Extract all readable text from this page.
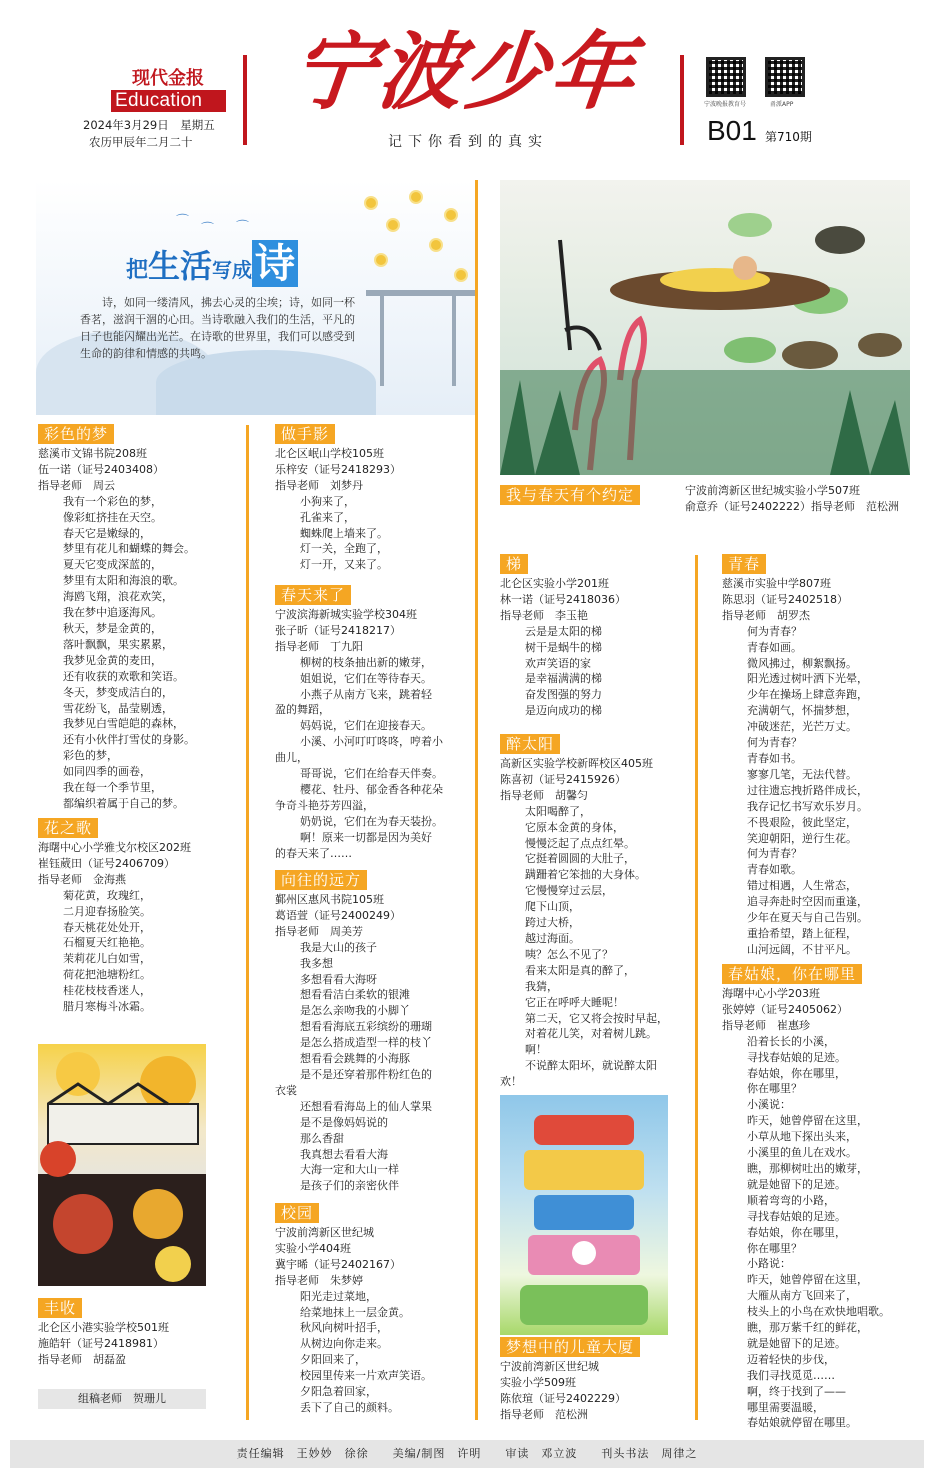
现代金报
Education
2024年3月29日　星期五
农历甲辰年二月二十
宁波少年
记下你看到的真实
宁波晚报教育号	甬派APP
B01 第710期
⌒
⌒ ⌒
把生活写成诗
诗，如同一缕清风，拂去心灵的尘埃；诗，如同一杯香茗，滋润干涸的心田。当诗歌融入我们的生活，平凡的日子也能闪耀出光芒。在诗歌的世界里，我们可以感受到生命的韵律和情感的共鸣。
彩色的梦
慈溪市文锦书院208班
伍一诺（证号2403408）
指导老师　周云
我有一个彩色的梦，
像彩虹挤挂在天空。
春天它是嫩绿的，
梦里有花儿和蝴蝶的舞会。
夏天它变成深蓝的，
梦里有太阳和海浪的歌。
海鸥飞翔，浪花欢笑，
我在梦中追逐海风。
秋天，梦是金黄的，
落叶飘飘，果实累累，
我梦见金黄的麦田，
还有收获的欢歌和笑语。
冬天，梦变成洁白的，
雪花纷飞，晶莹剔透，
我梦见白雪皑皑的森林，
还有小伙伴打雪仗的身影。
彩色的梦，
如同四季的画卷，
我在每一个季节里，
都编织着属于自己的梦。
花之歌
海曙中心小学雅戈尔校区202班
崔钰葳田（证号2406709）
指导老师　金海燕
菊花黄，玫瑰红，
二月迎春扬脸笑。
春天桃花处处开，
石榴夏天红艳艳。
茉莉花儿白如雪，
荷花把池塘粉红。
桂花枝枝香迷人，
腊月寒梅斗冰霜。
丰收
北仑区小港实验学校501班
施皓轩（证号2418981）
指导老师　胡磊盈
组稿老师　贺珊儿
做手影
北仑区岷山学校105班
乐梓安（证号2418293）
指导老师　刘梦丹
小狗来了，
孔雀来了，
蜘蛛爬上墙来了。
灯一关，全跑了，
灯一开，又来了。
春天来了
宁波滨海新城实验学校304班
张子昕（证号2418217）
指导老师　丁九阳
柳树的枝条抽出新的嫩芽，
姐姐说，它们在等待春天。
小燕子从南方飞来，跳着轻
盈的舞蹈，
妈妈说，它们在迎接春天。
小溪、小河叮叮咚咚，哼着小
曲儿，
哥哥说，它们在给春天伴奏。
樱花、牡丹、郁金香各种花朵
争奇斗艳芬芳四溢，
奶奶说，它们在为春天装扮。
啊！原来一切都是因为美好
的春天来了……
向往的远方
鄞州区惠风书院105班
葛语萱（证号2400249）
指导老师　周美芳
我是大山的孩子
我多想
多想看看大海呀
想看看洁白柔软的银滩
是怎么亲吻我的小脚丫
想看看海底五彩缤纷的珊瑚
是怎么搭成造型一样的枝丫
想看看会跳舞的小海豚
是不是还穿着那件粉红色的
衣裳
还想看看海岛上的仙人掌果
是不是像妈妈说的
那么香甜
我真想去看看大海
大海一定和大山一样
是孩子们的亲密伙伴
校园
宁波前湾新区世纪城
实验小学404班
冀宇晞（证号2402167）
指导老师　朱梦婷
阳光走过菜地，
给菜地抹上一层金黄。
秋风向树叶招手，
从树边向你走来。
夕阳回来了，
校园里传来一片欢声笑语。
夕阳急着回家，
丢下了自己的颜料。
我与春天有个约定	宁波前湾新区世纪城实验小学507班
俞意乔（证号2402222）指导老师　范松洲
梯
北仑区实验小学201班
林一诺（证号2418036）
指导老师　李玉艳
云是是太阳的梯
树干是蜗牛的梯
欢声笑语的家
是幸福满满的梯
奋发图强的努力
是迈向成功的梯
醉太阳
高新区实验学校新晖校区405班
陈喜初（证号2415926）
指导老师　胡馨匀
太阳喝醉了，
它原本金黄的身体，
慢慢泛起了点点红晕。
它挺着圆圆的大肚子，
蹒跚着它笨拙的大身体。
它慢慢穿过云层，
爬下山顶，
跨过大桥，
越过海面。
咦？怎么不见了？
看来太阳是真的醉了，
我猜，
它正在呼呼大睡呢！
第二天，它又将会按时早起，
对着花儿笑，对着树儿跳。
啊！
不说醉太阳坏，就说醉太阳
欢！
梦想中的儿童大厦
宁波前湾新区世纪城
实验小学509班
陈依瑄（证号2402229）
指导老师　范松洲
青春
慈溪市实验中学807班
陈思羽（证号2402518）
指导老师　胡罗杰
何为青春？
青春如画。
微风拂过，柳絮飘扬。
阳光透过树叶洒下光晕，
少年在操场上肆意奔跑，
充满朝气，怀揣梦想，
冲破迷茫，光芒万丈。
何为青春？
青春如书。
寥寥几笔，无法代替。
过往遗忘拽折路伴成长，
我存记忆书写欢乐岁月。
不畏艰险，彼此坚定，
笑迎朝阳，逆行生花。
何为青春？
青春如歌。
错过相遇，人生常态，
追寻奔赴时空因而重逢，
少年在夏天与自己告别。
重拾希望，踏上征程，
山河远阔，不甘平凡。
春姑娘，你在哪里
海曙中心小学203班
张婷婷（证号2405062）
指导老师　崔惠珍
沿着长长的小溪，
寻找春姑娘的足迹。
春姑娘，你在哪里，
你在哪里？
小溪说：
昨天，她曾停留在这里，
小草从地下探出头来，
小溪里的鱼儿在戏水。
瞧，那柳树吐出的嫩芽，
就是她留下的足迹。
顺着弯弯的小路，
寻找春姑娘的足迹。
春姑娘，你在哪里，
你在哪里？
小路说：
昨天，她曾停留在这里，
大雁从南方飞回来了，
枝头上的小鸟在欢快地唱歌。
瞧，那万紫千红的鲜花，
就是她留下的足迹。
迈着轻快的步伐，
我们寻找觅觅……
啊，终于找到了——
哪里需要温暖，
春姑娘就停留在哪里。
责任编辑　王妙妙　徐徐　　美编/制图　许明　　审读　邓立波　　刊头书法　周律之
